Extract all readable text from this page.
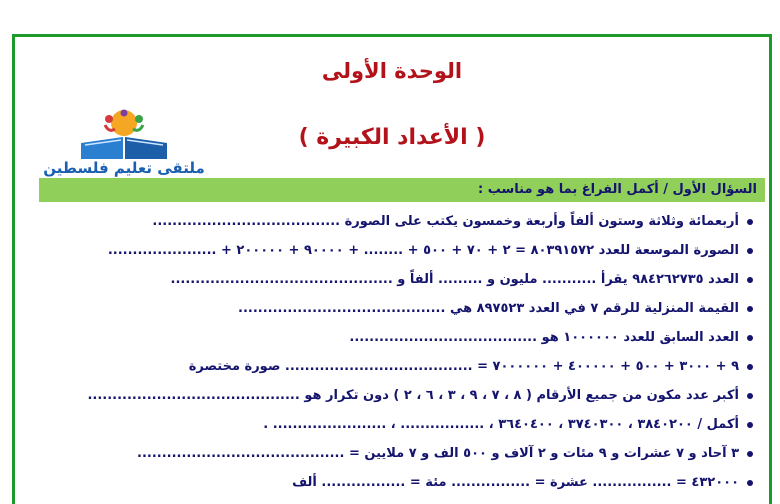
الوحدة الأولى
ملتقى تعليم فلسطين
( الأعداد الكبيرة )
السؤال الأول / أكمل الفراغ بما هو مناسب :
أربعمائة وثلاثة وستون ألفاً وأربعة وخمسون يكتب على الصورة ......................................
الصورة الموسعة للعدد ٨٠٣٩١٥٧٢ = ٢ + ٧٠ + ٥٠٠ + ........ + ٩٠٠٠٠ + ٢٠٠٠٠٠ + ......................
العدد ٩٨٤٢٦٢٧٣٥ يقرأ ........... مليون و ......... ألفاً و .............................................
القيمة المنزلية للرقم ٧ في العدد ٨٩٧٥٢٣ هي ..........................................
العدد السابق للعدد ١٠٠٠٠٠٠ هو ......................................
٩ + ٣٠٠٠ + ٥٠٠ + ٤٠٠٠٠٠ + ٧٠٠٠٠٠٠ = ...................................... صورة مختصرة
أكبر عدد مكون من جميع الأرقام ( ٨ ، ٧ ، ٩ ، ٣ ، ٦ ، ٢ ) دون تكرار هو ...........................................
أكمل / ٣٨٤٠٢٠٠ ، ٣٧٤٠٣٠٠ ، ٣٦٤٠٤٠٠ ، ................. ، ....................... .
٣ آحاد و ٧ عشرات و ٩ مئات و ٢ آلاف و ٥٠٠ الف و ٧ ملايين = ..........................................
٤٣٢٠٠٠ = ................ عشرة = ................ مئة = ................. ألف
